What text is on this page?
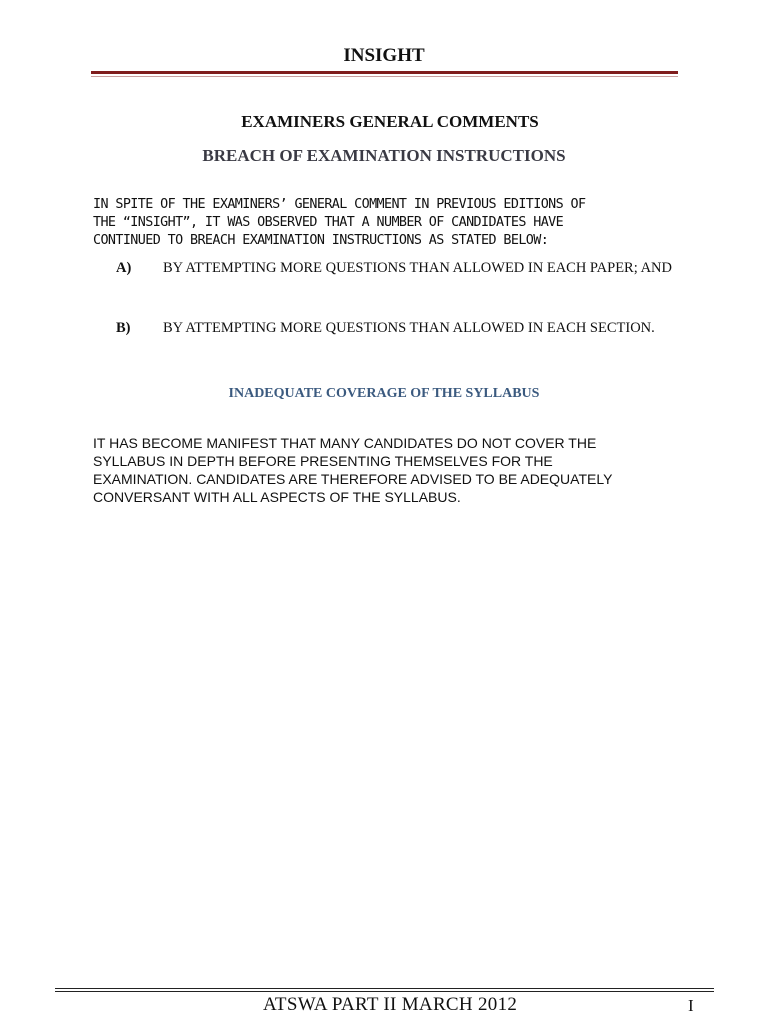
INSIGHT
EXAMINERS GENERAL COMMENTS
BREACH OF EXAMINATION INSTRUCTIONS
IN SPITE OF THE EXAMINERS’ GENERAL COMMENT IN PREVIOUS EDITIONS OF
THE “INSIGHT”, IT WAS OBSERVED THAT A NUMBER OF CANDIDATES HAVE
CONTINUED TO BREACH EXAMINATION INSTRUCTIONS AS STATED BELOW:
A) BY ATTEMPTING MORE QUESTIONS THAN ALLOWED IN EACH PAPER; AND
B) BY ATTEMPTING MORE QUESTIONS THAN ALLOWED IN EACH SECTION.
INADEQUATE COVERAGE OF THE SYLLABUS
IT HAS BECOME MANIFEST THAT MANY CANDIDATES DO NOT COVER THE
SYLLABUS IN DEPTH BEFORE PRESENTING THEMSELVES FOR THE
EXAMINATION. CANDIDATES ARE THEREFORE ADVISED TO BE ADEQUATELY
CONVERSANT WITH ALL ASPECTS OF THE SYLLABUS.
ATSWA PART II MARCH 2012	I
